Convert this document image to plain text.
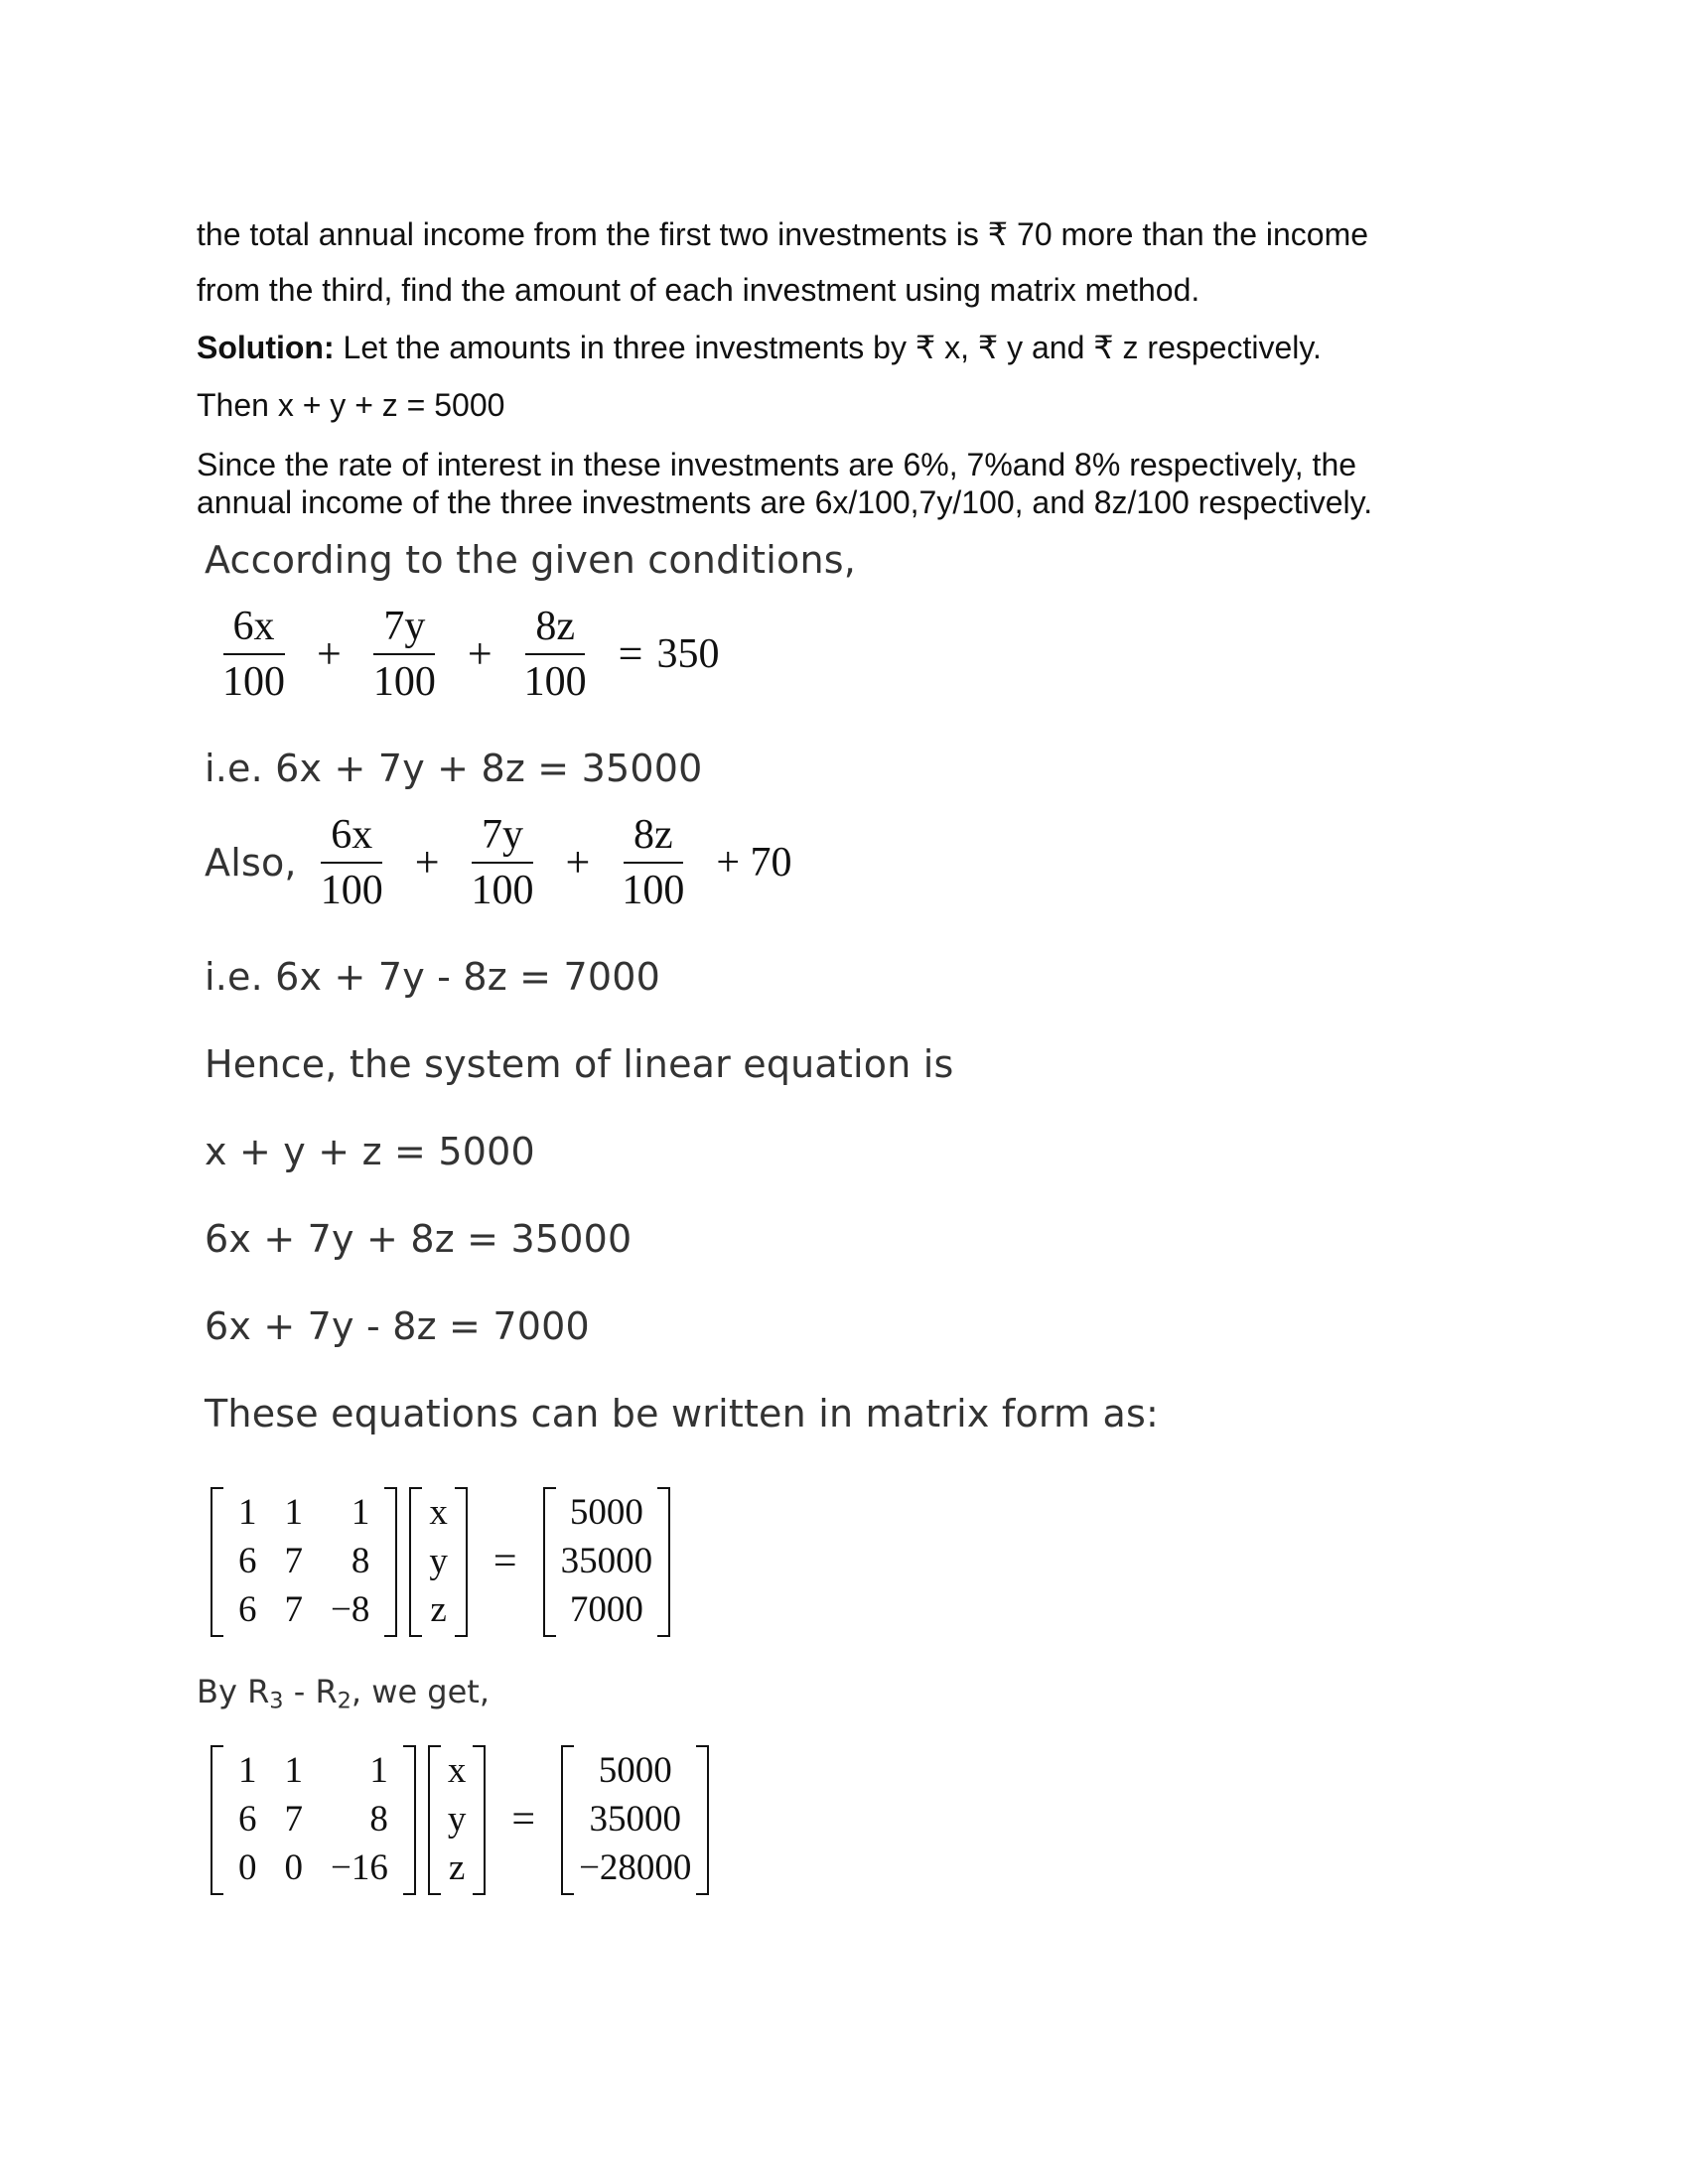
the total annual income from the first two investments is ₹ 70 more than the income
from the third, find the amount of each investment using matrix method.
Solution: Let the amounts in three investments by ₹ x, ₹ y and ₹ z respectively.
Then x + y + z = 5000
Since the rate of interest in these investments are 6%, 7%and 8% respectively, the
annual income of the three investments are 6x/100,7y/100, and 8z/100 respectively.
According to the given conditions,
$\frac{6x}{100} + \frac{7y}{100} + \frac{8z}{100} = 350$
i.e. 6x + 7y + 8z = 35000
Also, $\frac{6x}{100} + \frac{7y}{100} + \frac{8z}{100} + 70$
i.e. 6x + 7y - 8z = 7000
Hence, the system of linear equation is
x + y + z = 5000
6x + 7y + 8z = 35000
6x + 7y - 8z = 7000
These equations can be written in matrix form as:
1	1	1
6	7	8
6	7	−8
x
y
z
=
5000
35000
7000
By $R_3 - R_2$, we get,
1	1	1
6	7	8
0	0	−16
x
y
z
=
5000
35000
−28000
